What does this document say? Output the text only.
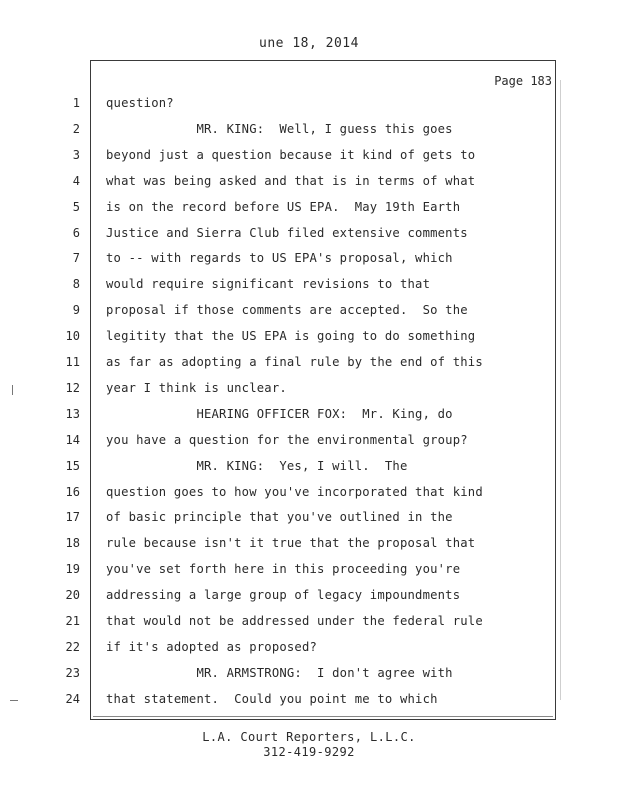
une 18, 2014
Page 183
1 question?
2 MR. KING:  Well, I guess this goes
3 beyond just a question because it kind of gets to
4 what was being asked and that is in terms of what
5 is on the record before US EPA.  May 19th Earth
6 Justice and Sierra Club filed extensive comments
7 to -- with regards to US EPA's proposal, which
8 would require significant revisions to that
9 proposal if those comments are accepted.  So the
10 legitity that the US EPA is going to do something
11 as far as adopting a final rule by the end of this
12 year I think is unclear.
13 HEARING OFFICER FOX:  Mr. King, do
14 you have a question for the environmental group?
15 MR. KING:  Yes, I will.  The
16 question goes to how you've incorporated that kind
17 of basic principle that you've outlined in the
18 rule because isn't it true that the proposal that
19 you've set forth here in this proceeding you're
20 addressing a large group of legacy impoundments
21 that would not be addressed under the federal rule
22 if it's adopted as proposed?
23 MR. ARMSTRONG:  I don't agree with
24 that statement.  Could you point me to which
L.A. Court Reporters, L.L.C.
312-419-9292
